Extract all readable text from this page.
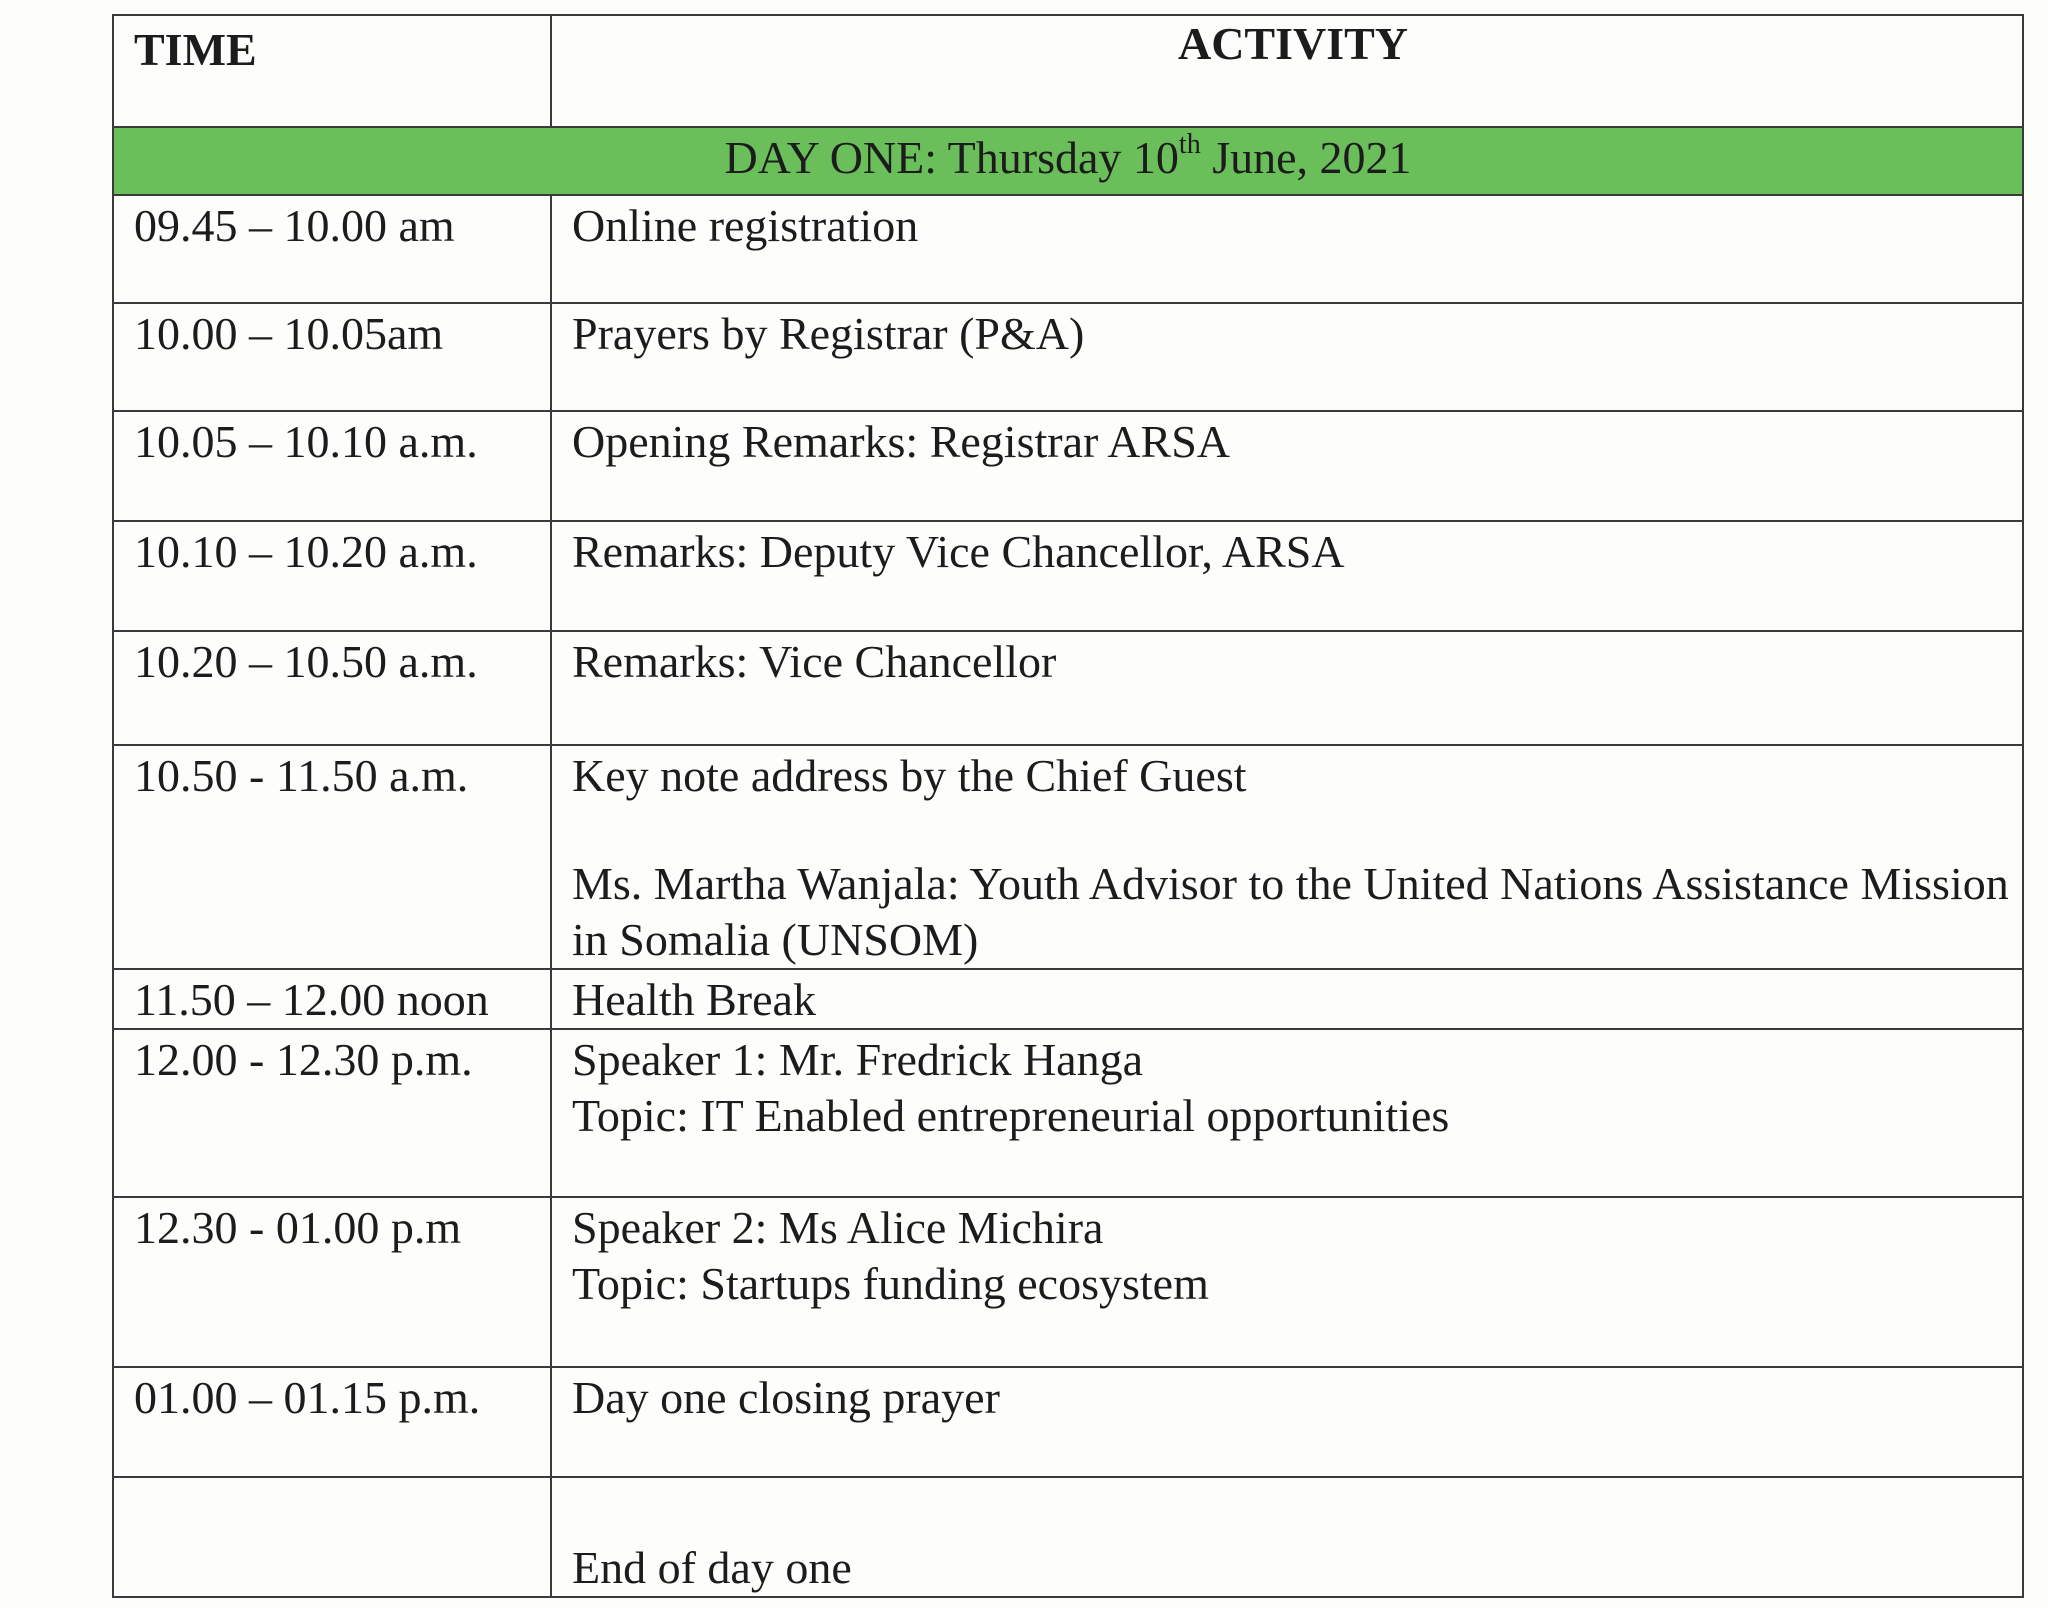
TIME	ACTIVITY
DAY ONE: Thursday 10th June, 2021	
09.45 – 10.00 am	Online registration
10.00 – 10.05am	Prayers by Registrar (P&A)
10.05 – 10.10 a.m.	Opening Remarks: Registrar ARSA
10.10 – 10.20 a.m.	Remarks: Deputy Vice Chancellor, ARSA
10.20 – 10.50 a.m.	Remarks: Vice Chancellor
10.50 - 11.50 a.m.	Key note address by the Chief Guest
Ms. Martha Wanjala: Youth Advisor to the United Nations Assistance Mission in Somalia (UNSOM)

11.50 – 12.00 noon	Health Break
12.00 - 12.30 p.m.	Speaker 1: Mr. Fredrick Hanga
Topic: IT Enabled entrepreneurial opportunities

12.30 - 01.00 p.m	Speaker 2: Ms Alice Michira
Topic: Startups funding ecosystem

01.00 – 01.15 p.m.	Day one closing prayer

	End of day one
